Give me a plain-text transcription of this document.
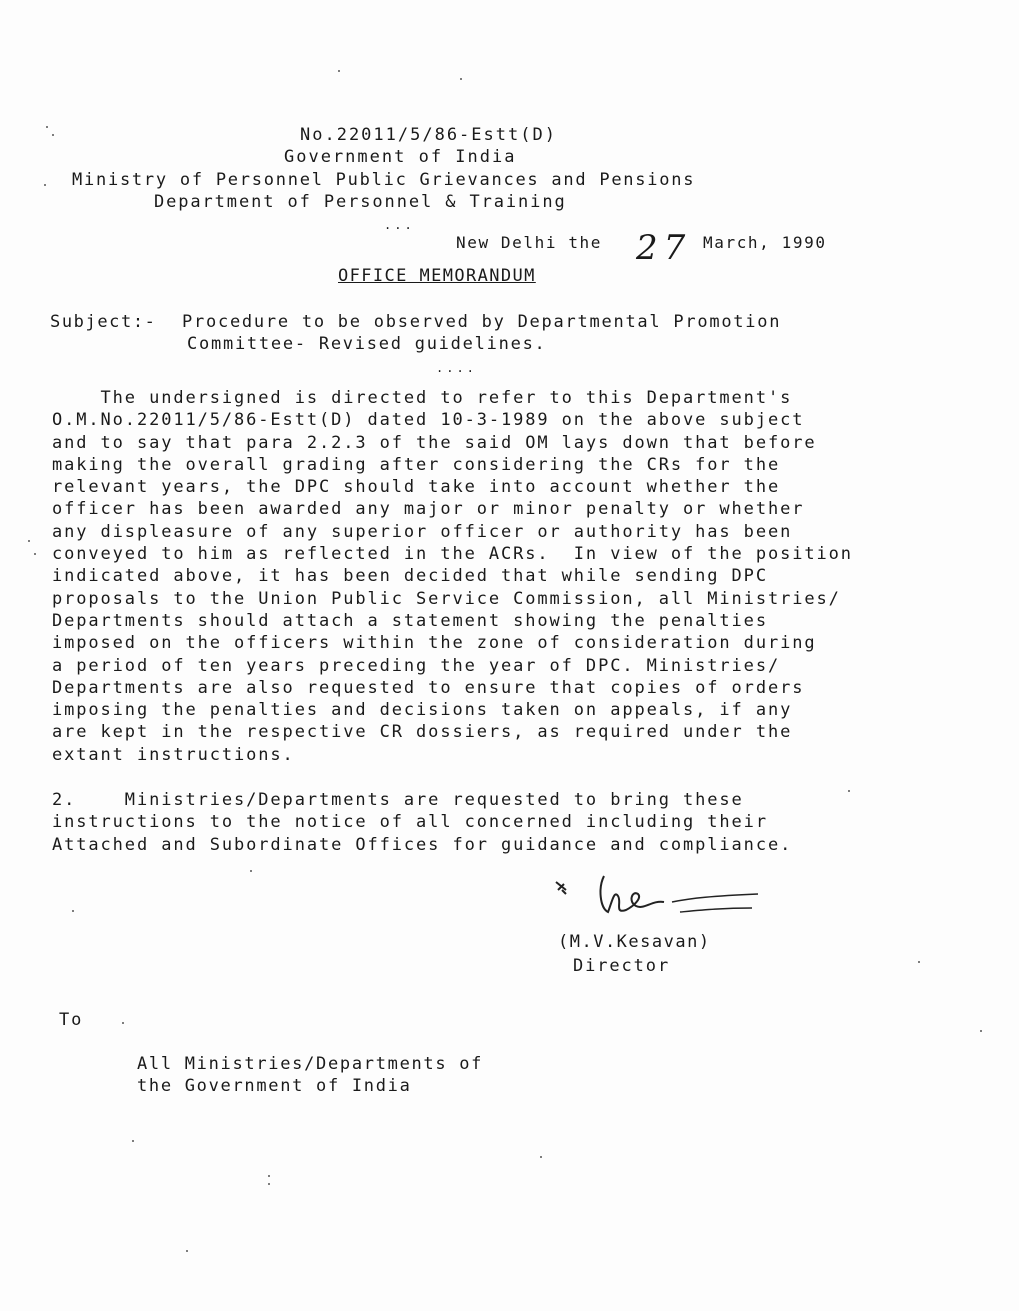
No.22011/5/86-Estt(D)
Government of India
Ministry of Personnel Public Grievances and Pensions
Department of Personnel & Training
...
New Delhi the 27 March, 1990
OFFICE MEMORANDUM
Subject:- Procedure to be observed by Departmental Promotion
Committee- Revised guidelines.
....
The undersigned is directed to refer to this Department's
O.M.No.22011/5/86-Estt(D) dated 10-3-1989 on the above subject
and to say that para 2.2.3 of the said OM lays down that before
making the overall grading after considering the CRs for the
relevant years, the DPC should take into account whether the
officer has been awarded any major or minor penalty or whether
any displeasure of any superior officer or authority has been
conveyed to him as reflected in the ACRs.  In view of the position
indicated above, it has been decided that while sending DPC
proposals to the Union Public Service Commission, all Ministries/
Departments should attach a statement showing the penalties
imposed on the officers within the zone of consideration during
a period of ten years preceding the year of DPC. Ministries/
Departments are also requested to ensure that copies of orders
imposing the penalties and decisions taken on appeals, if any
are kept in the respective CR dossiers, as required under the
extant instructions.
2.    Ministries/Departments are requested to bring these
instructions to the notice of all concerned including their
Attached and Subordinate Offices for guidance and compliance.
(M.V.Kesavan)
Director
To
All Ministries/Departments of
the Government of India
